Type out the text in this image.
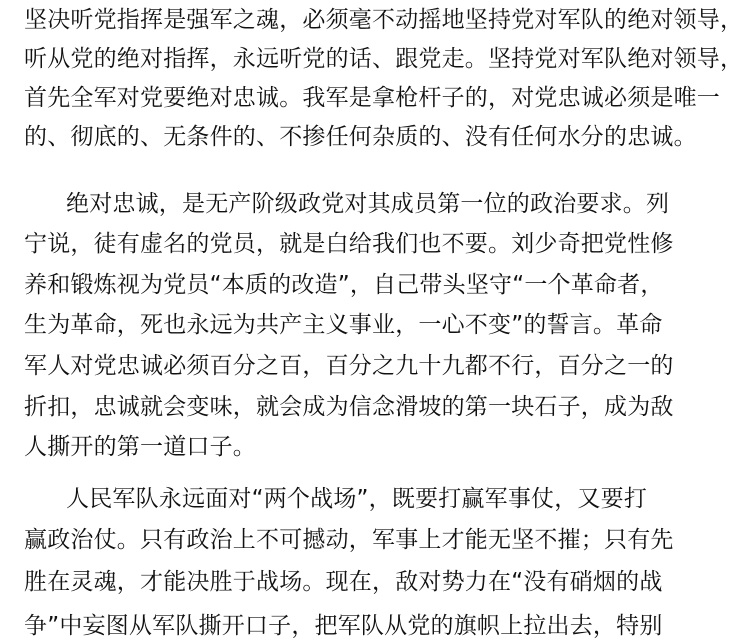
坚决听党指挥是强军之魂，必须毫不动摇地坚持党对军队的绝对领导，
听从党的绝对指挥，永远听党的话、跟党走。坚持党对军队绝对领导，
首先全军对党要绝对忠诚。我军是拿枪杆子的，对党忠诚必须是唯一
的、彻底的、无条件的、不掺任何杂质的、没有任何水分的忠诚。
绝对忠诚，是无产阶级政党对其成员第一位的政治要求。列
宁说，徒有虚名的党员，就是白给我们也不要。刘少奇把党性修
养和锻炼视为党员“本质的改造”，自己带头坚守“一个革命者，
生为革命，死也永远为共产主义事业，一心不变”的誓言。革命
军人对党忠诚必须百分之百，百分之九十九都不行，百分之一的
折扣，忠诚就会变味，就会成为信念滑坡的第一块石子，成为敌
人撕开的第一道口子。
人民军队永远面对“两个战场”，既要打赢军事仗，又要打
赢政治仗。只有政治上不可撼动，军事上才能无坚不摧；只有先
胜在灵魂，才能决胜于战场。现在，敌对势力在“没有硝烟的战
争”中妄图从军队撕开口子，把军队从党的旗帜上拉出去，特别
